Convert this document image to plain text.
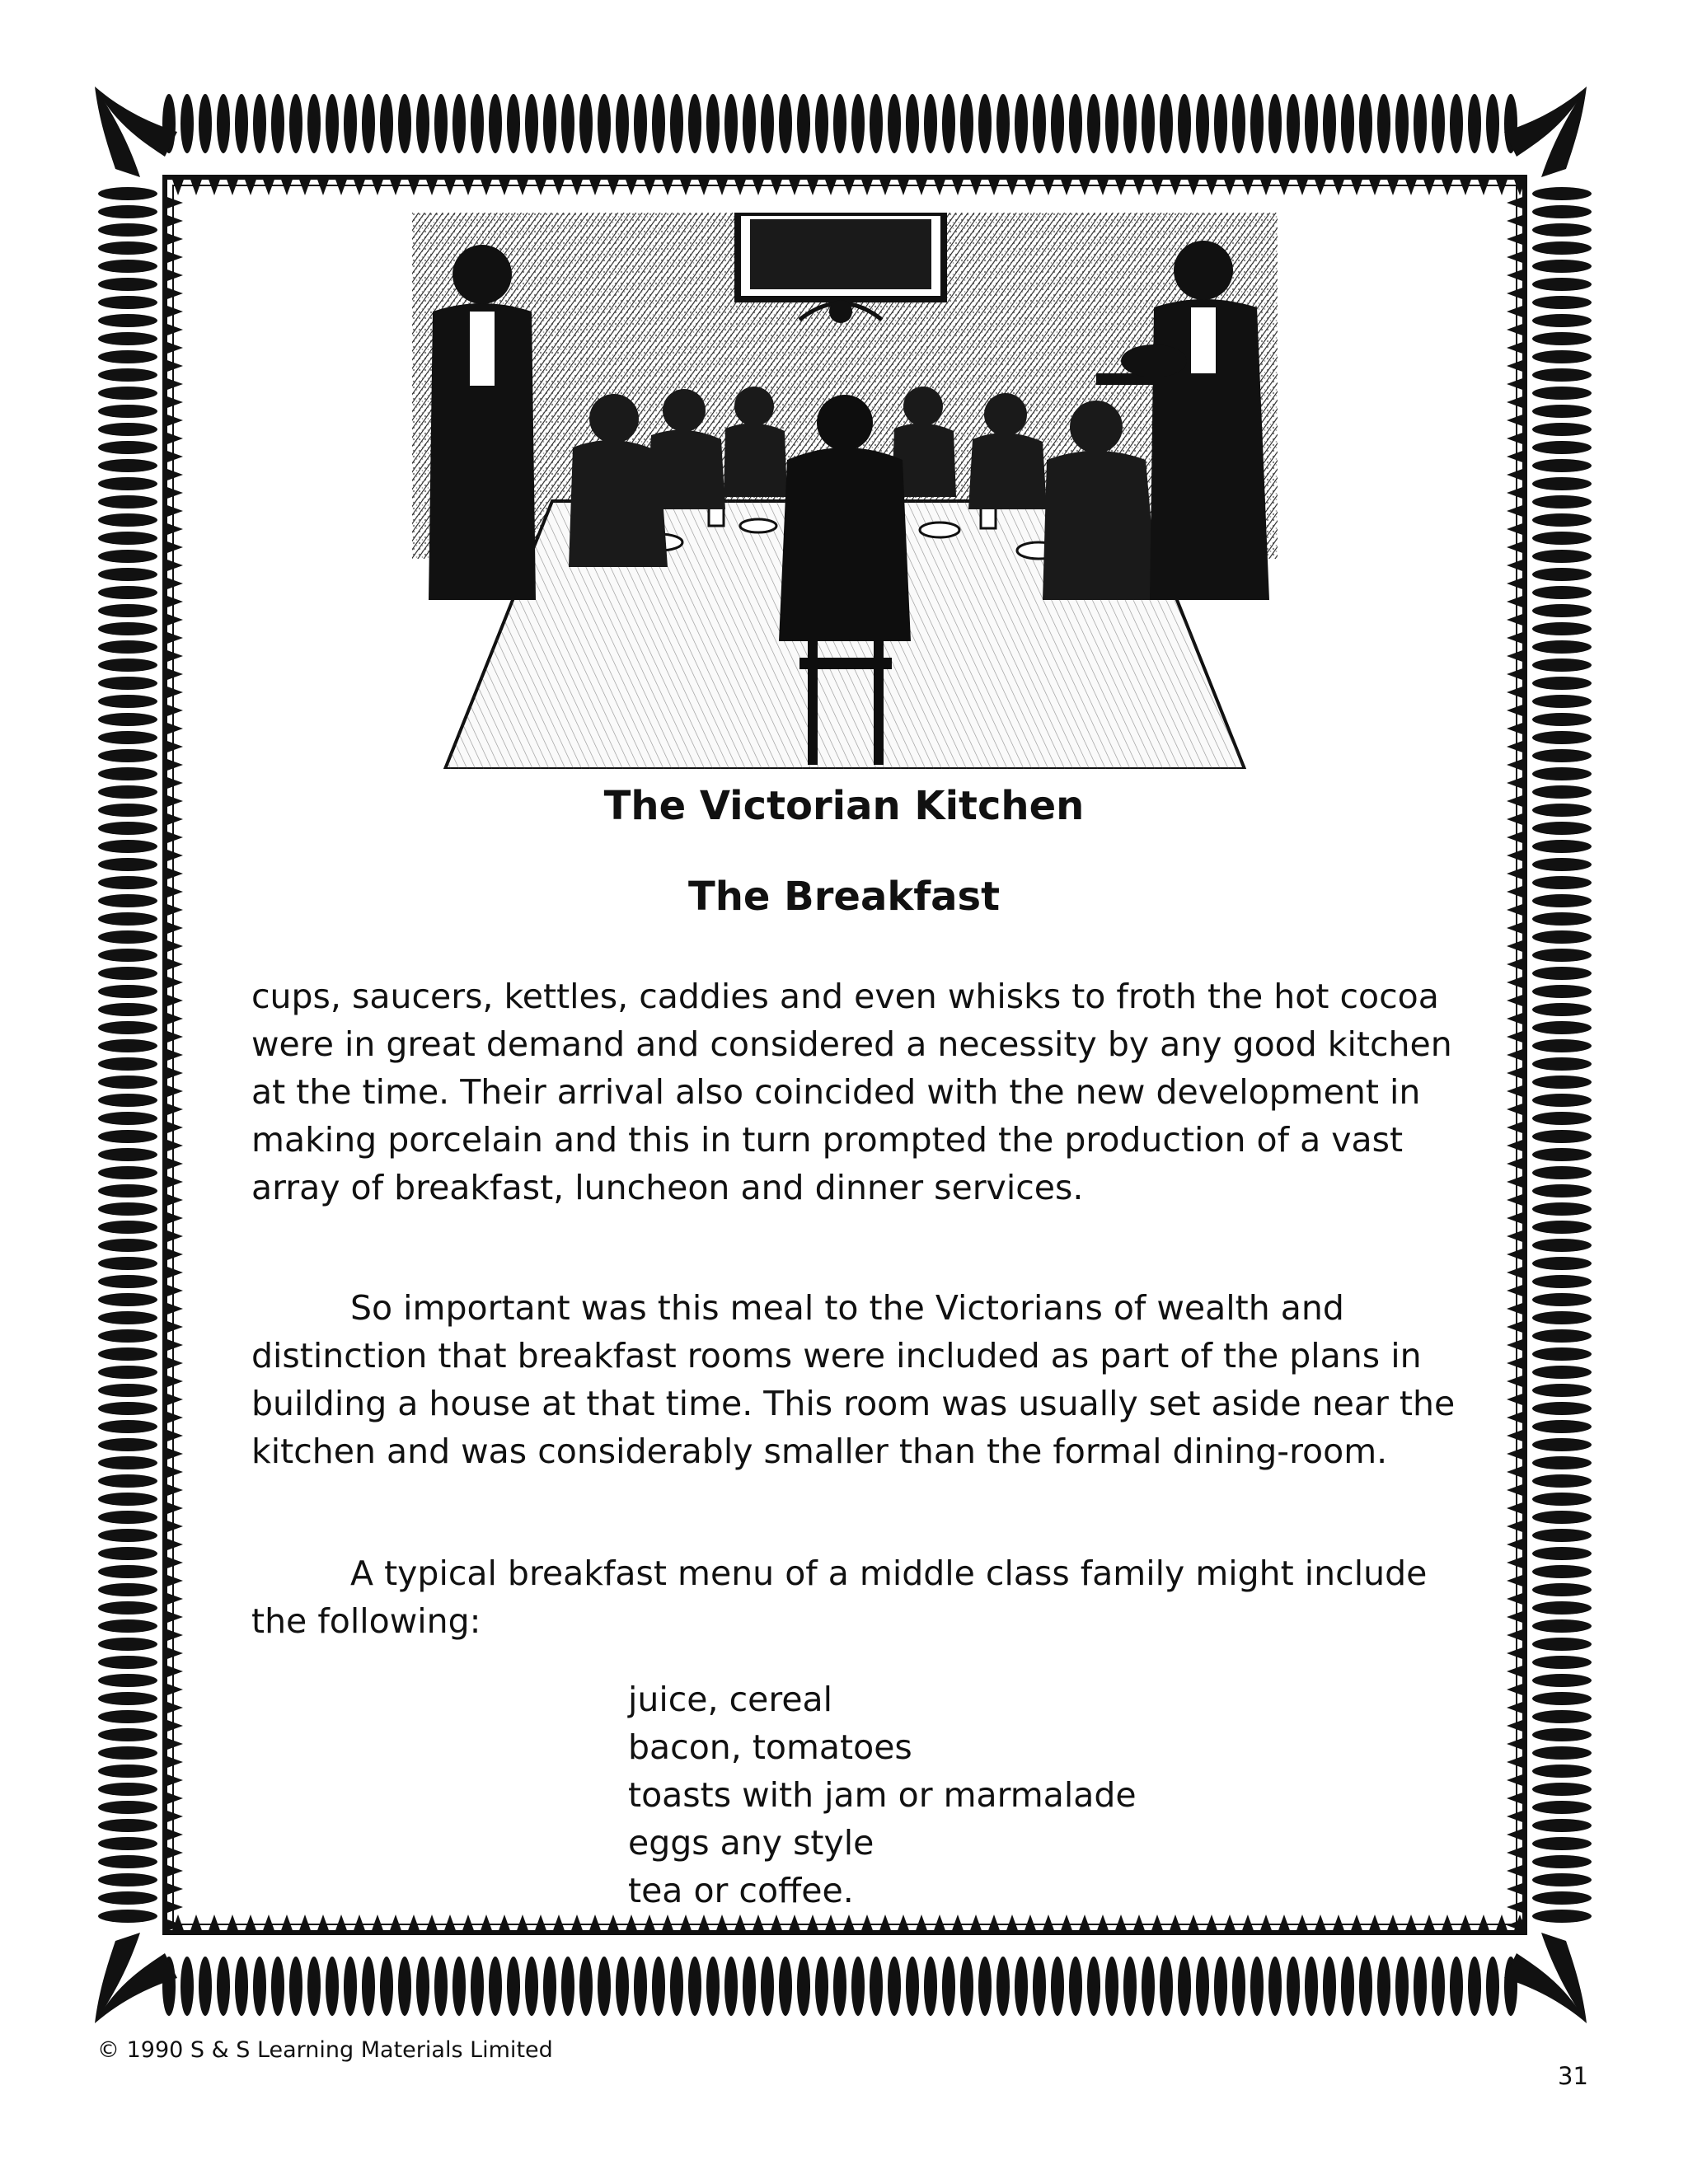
The Victorian Kitchen
The Breakfast

cups, saucers, kettles, caddies and even whisks to froth the hot cocoa were in great demand and considered a necessity by any good kitchen at the time. Their arrival also coincided with the new development in making porcelain and this in turn prompted the production of a vast array of breakfast, luncheon and dinner services.

So important was this meal to the Victorians of wealth and distinction that breakfast rooms were included as part of the plans in building a house at that time. This room was usually set aside near the kitchen and was considerably smaller than the formal dining-room.

A typical breakfast menu of a middle class family might include the following:

juice, cereal
bacon, tomatoes
toasts with jam or marmalade
eggs any style
tea or coffee.
© 1990 S & S Learning Materials Limited
31
